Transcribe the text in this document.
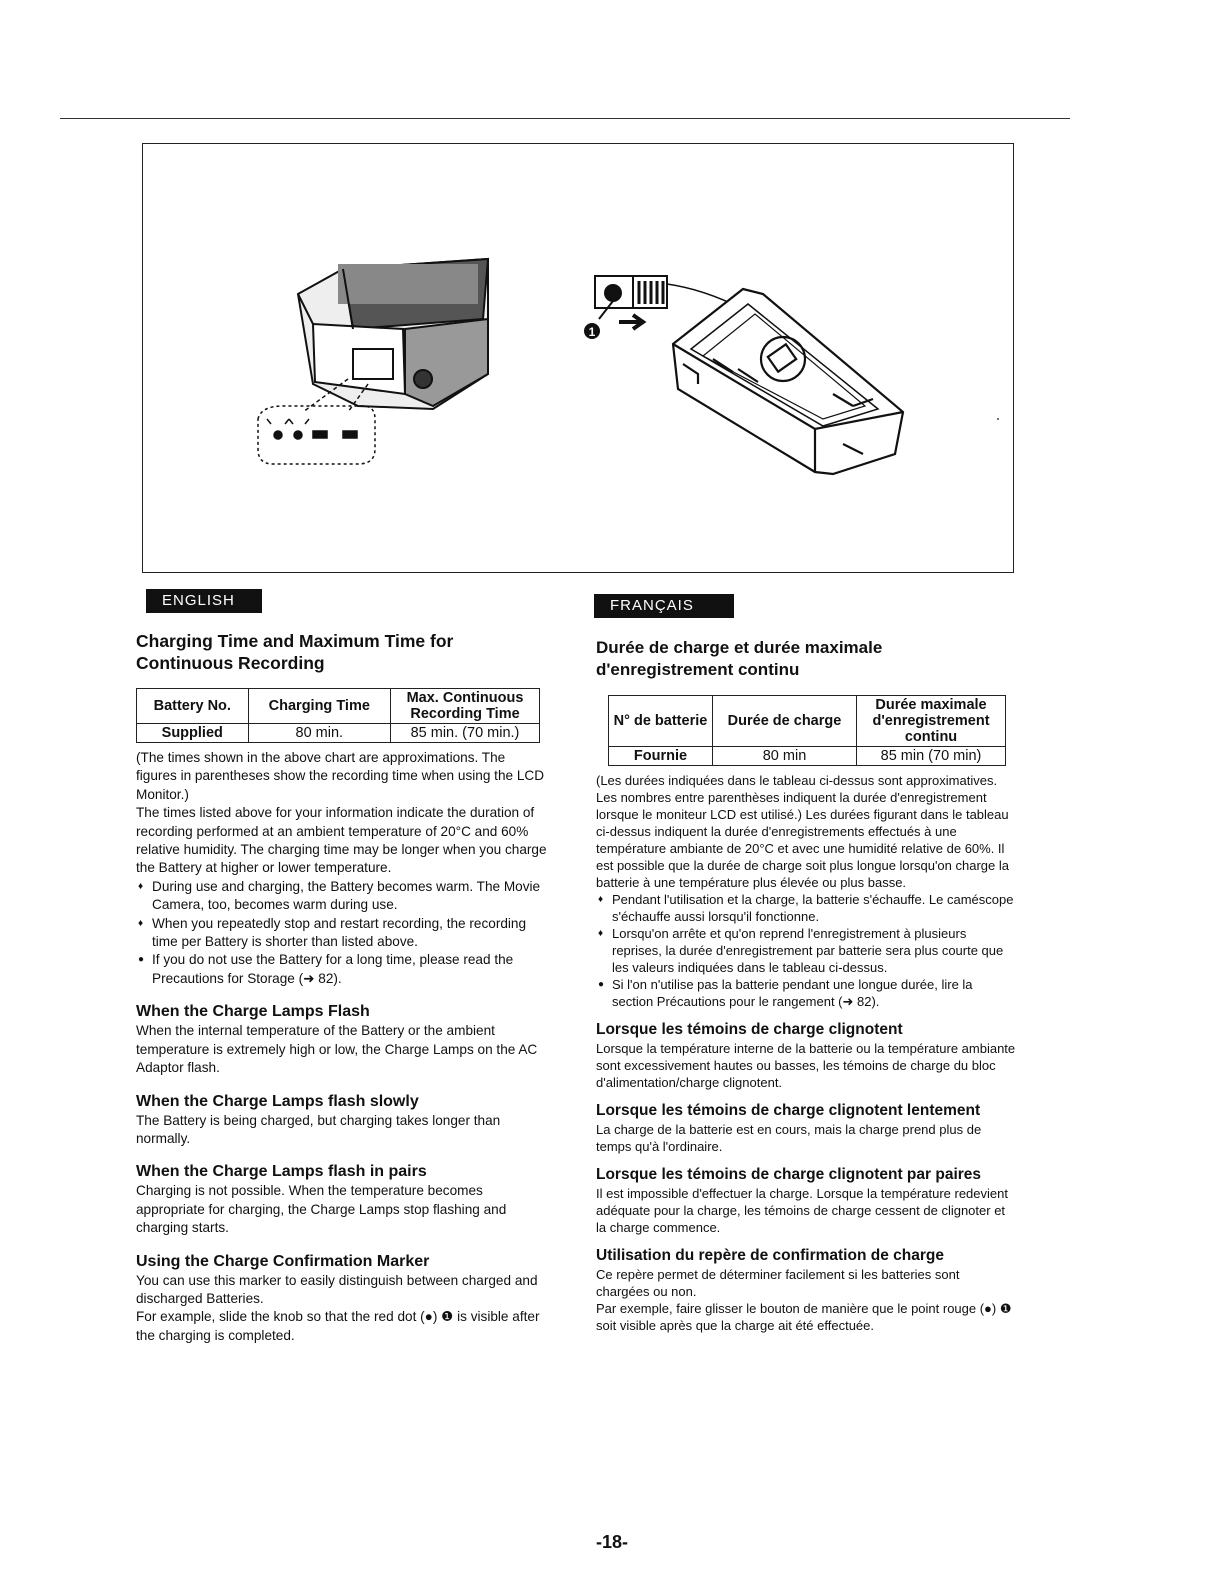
1
ENGLISH
Charging Time and Maximum Time for Continuous Recording
Battery No.	Charging Time	Max. Continuous Recording Time
Supplied	80 min.	85 min. (70 min.)

(The times shown in the above chart are approximations. The figures in parentheses show the recording time when using the LCD Monitor.)

The times listed above for your information indicate the duration of recording performed at an ambient temperature of 20°C and 60% relative humidity. The charging time may be longer when you charge the Battery at higher or lower temperature.

♦ During use and charging, the Battery becomes warm. The Movie Camera, too, becomes warm during use.
♦ When you repeatedly stop and restart recording, the recording time per Battery is shorter than listed above.
● If you do not use the Battery for a long time, please read the Precautions for Storage (➜ 82).
When the Charge Lamps Flash

When the internal temperature of the Battery or the ambient temperature is extremely high or low, the Charge Lamps on the AC Adaptor flash.

When the Charge Lamps flash slowly

The Battery is being charged, but charging takes longer than normally.

When the Charge Lamps flash in pairs

Charging is not possible. When the temperature becomes appropriate for charging, the Charge Lamps stop flashing and charging starts.

Using the Charge Confirmation Marker

You can use this marker to easily distinguish between charged and discharged Batteries.

For example, slide the knob so that the red dot (●) ❶ is visible after the charging is completed.

FRANÇAIS
Durée de charge et durée maximale d'enregistrement continu
N° de batterie	Durée de charge	Durée maximale d'enregistrement continu
Fournie	80 min	85 min (70 min)

(Les durées indiquées dans le tableau ci-dessus sont approximatives. Les nombres entre parenthèses indiquent la durée d'enregistrement lorsque le moniteur LCD est utilisé.) Les durées figurant dans le tableau ci-dessus indiquent la durée d'enregistrements effectués à une température ambiante de 20°C et avec une humidité relative de 60%. Il est possible que la durée de charge soit plus longue lorsqu'on charge la batterie à une température plus élevée ou plus basse.

♦ Pendant l'utilisation et la charge, la batterie s'échauffe. Le caméscope s'échauffe aussi lorsqu'il fonctionne.
♦ Lorsqu'on arrête et qu'on reprend l'enregistrement à plusieurs reprises, la durée d'enregistrement par batterie sera plus courte que les valeurs indiquées dans le tableau ci-dessus.
● Si l'on n'utilise pas la batterie pendant une longue durée, lire la section Précautions pour le rangement (➜ 82).
Lorsque les témoins de charge clignotent

Lorsque la température interne de la batterie ou la température ambiante sont excessivement hautes ou basses, les témoins de charge du bloc d'alimentation/charge clignotent.

Lorsque les témoins de charge clignotent lentement

La charge de la batterie est en cours, mais la charge prend plus de temps qu'à l'ordinaire.

Lorsque les témoins de charge clignotent par paires

Il est impossible d'effectuer la charge. Lorsque la température redevient adéquate pour la charge, les témoins de charge cessent de clignoter et la charge commence.

Utilisation du repère de confirmation de charge

Ce repère permet de déterminer facilement si les batteries sont chargées ou non.

Par exemple, faire glisser le bouton de manière que le point rouge (●) ❶ soit visible après que la charge ait été effectuée.

-18-
